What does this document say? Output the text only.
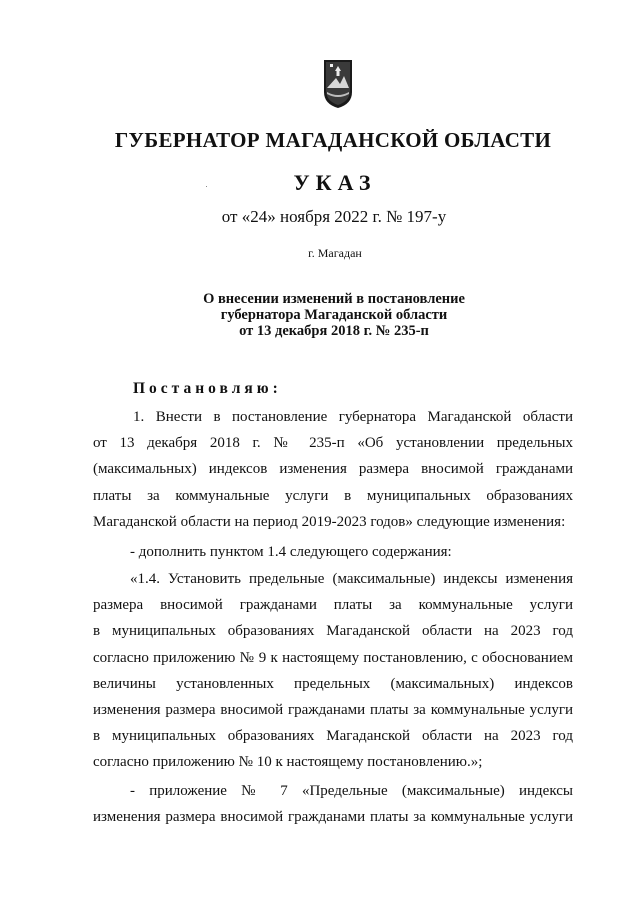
ГУБЕРНАТОР МАГАДАНСКОЙ ОБЛАСТИ
УКАЗ
от «24» ноября 2022 г. № 197-у
г. Магадан
О внесении изменений в постановление
губернатора Магаданской области
от 13 декабря 2018 г. № 235-п
Постановляю:
1. Внести в постановление губернатора Магаданской области
от 13 декабря 2018 г. № 235-п «Об установлении предельных
(максимальных) индексов изменения размера вносимой гражданами
платы за коммунальные услуги в муниципальных образованиях
Магаданской области на период 2019-2023 годов» следующие изменения:
- дополнить пунктом 1.4 следующего содержания:
«1.4. Установить предельные (максимальные) индексы изменения
размера вносимой гражданами платы за коммунальные услуги
в муниципальных образованиях Магаданской области на 2023 год
согласно приложению № 9 к настоящему постановлению, с обоснованием
величины установленных предельных (максимальных) индексов
изменения размера вносимой гражданами платы за коммунальные услуги
в муниципальных образованиях Магаданской области на 2023 год
согласно приложению № 10 к настоящему постановлению.»;
- приложение № 7 «Предельные (максимальные) индексы
изменения размера вносимой гражданами платы за коммунальные услуги
